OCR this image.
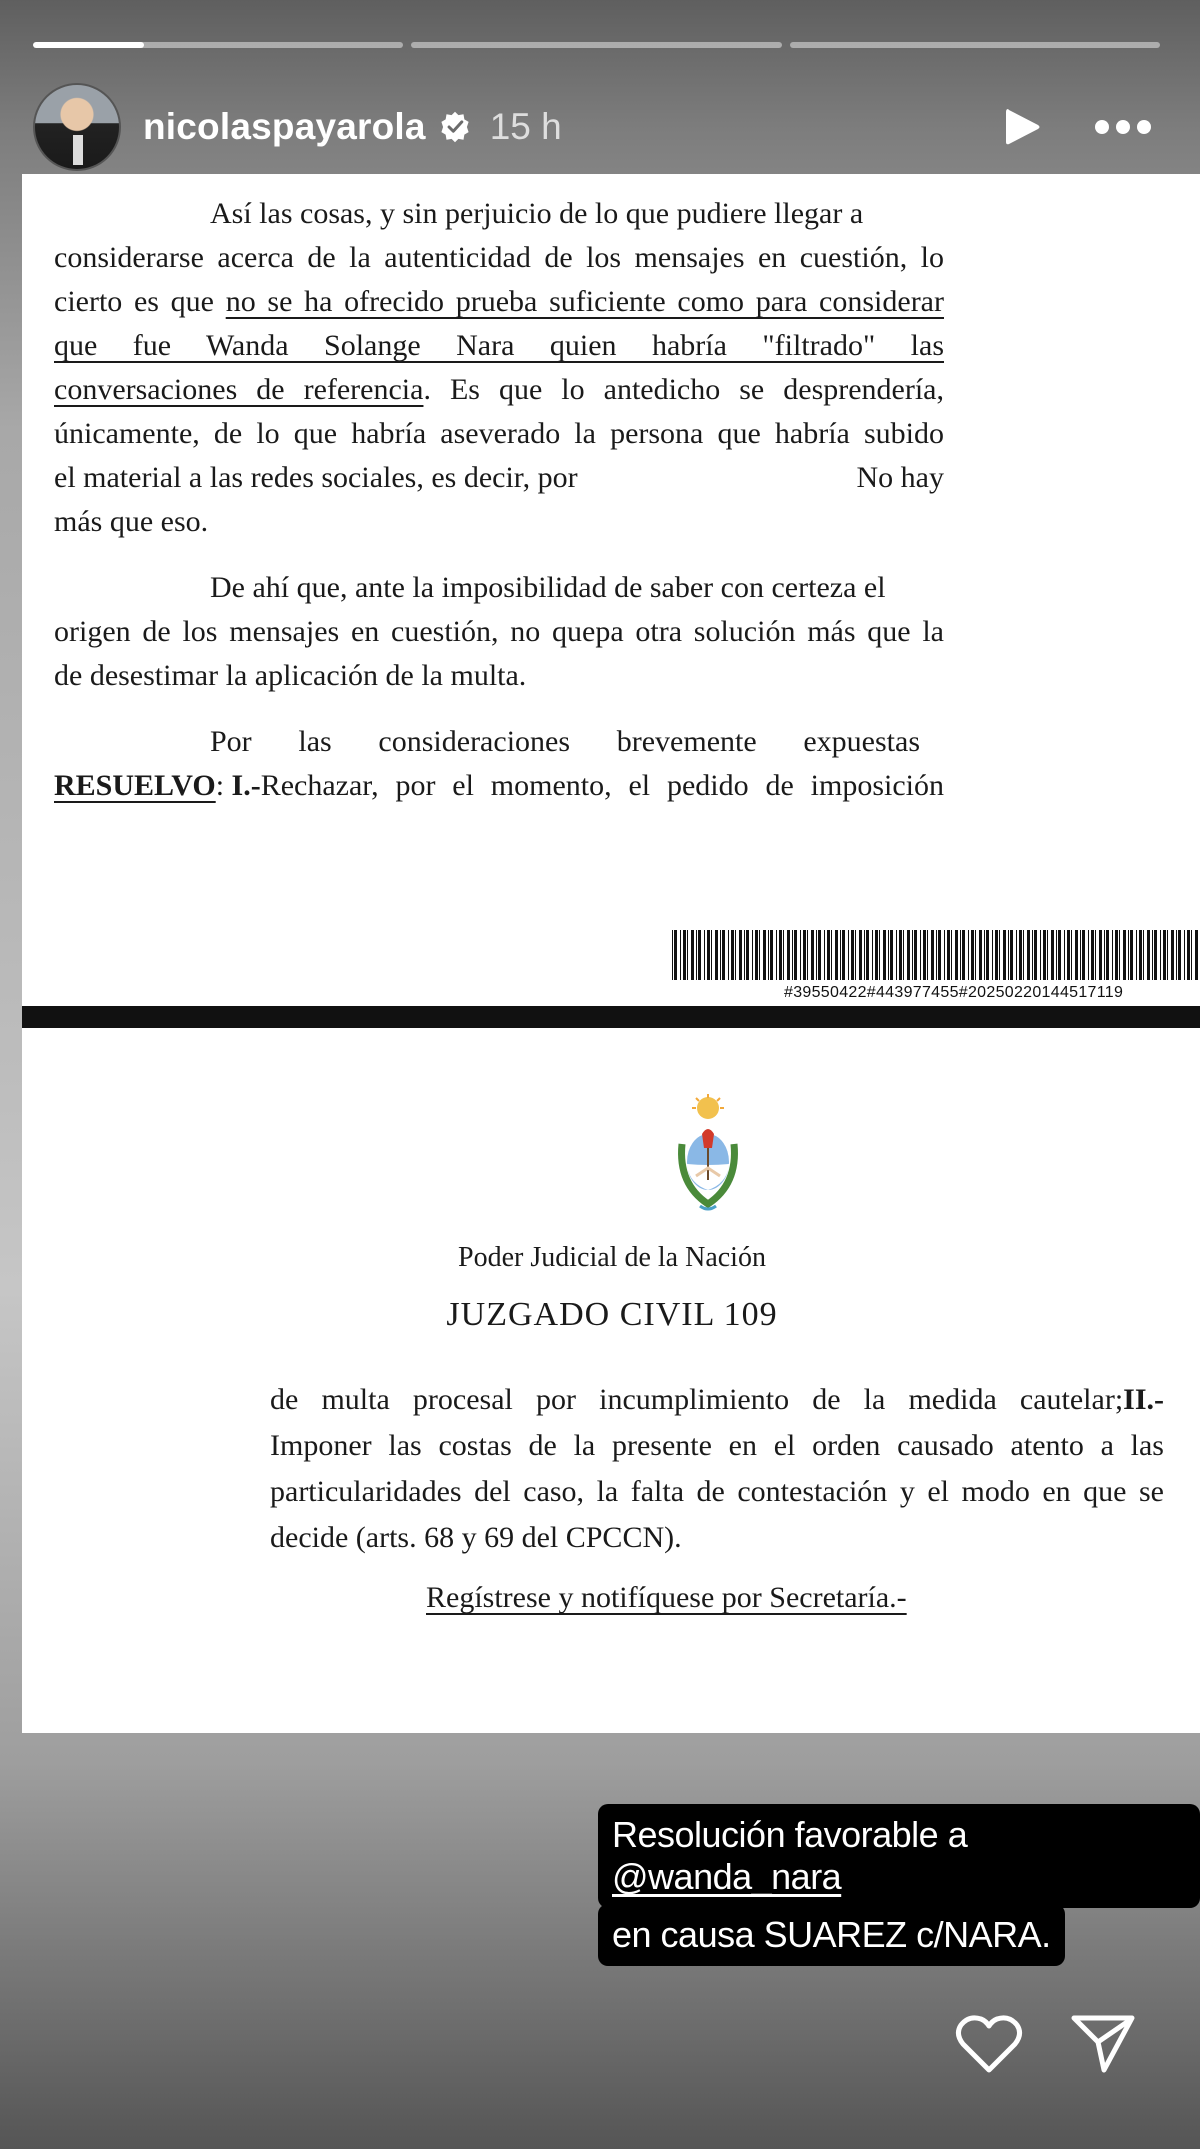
nicolaspayarola 15 h
Así las cosas, y sin perjuicio de lo que pudiere llegar a
considerarse acerca de la autenticidad de los mensajes en cuestión, lo
cierto es que no se ha ofrecido prueba suficiente como para considerar
que fue Wanda Solange Nara quien habría "filtrado" las
conversaciones de referencia. Es que lo antedicho se desprendería,
únicamente, de lo que habría aseverado la persona que habría subido
el material a las redes sociales, es decir, por	No hay
más que eso.
De ahí que, ante la imposibilidad de saber con certeza el
origen de los mensajes en cuestión, no quepa otra solución más que la
de desestimar la aplicación de la multa.
Por las consideraciones brevemente expuestas
RESUELVO : I.- Rechazar, por el momento, el pedido de imposición
#39550422#443977455#20250220144517119
Poder Judicial de la Nación
JUZGADO CIVIL 109
de multa procesal por incumplimiento de la medida cautelar; II.-
Imponer las costas de la presente en el orden causado atento a las
particularidades del caso, la falta de contestación y el modo en que se
decide (arts. 68 y 69 del CPCCN).
Regístrese y notifíquese por Secretaría.-
Resolución favorable a @wanda_nara
en causa SUAREZ c/NARA.
